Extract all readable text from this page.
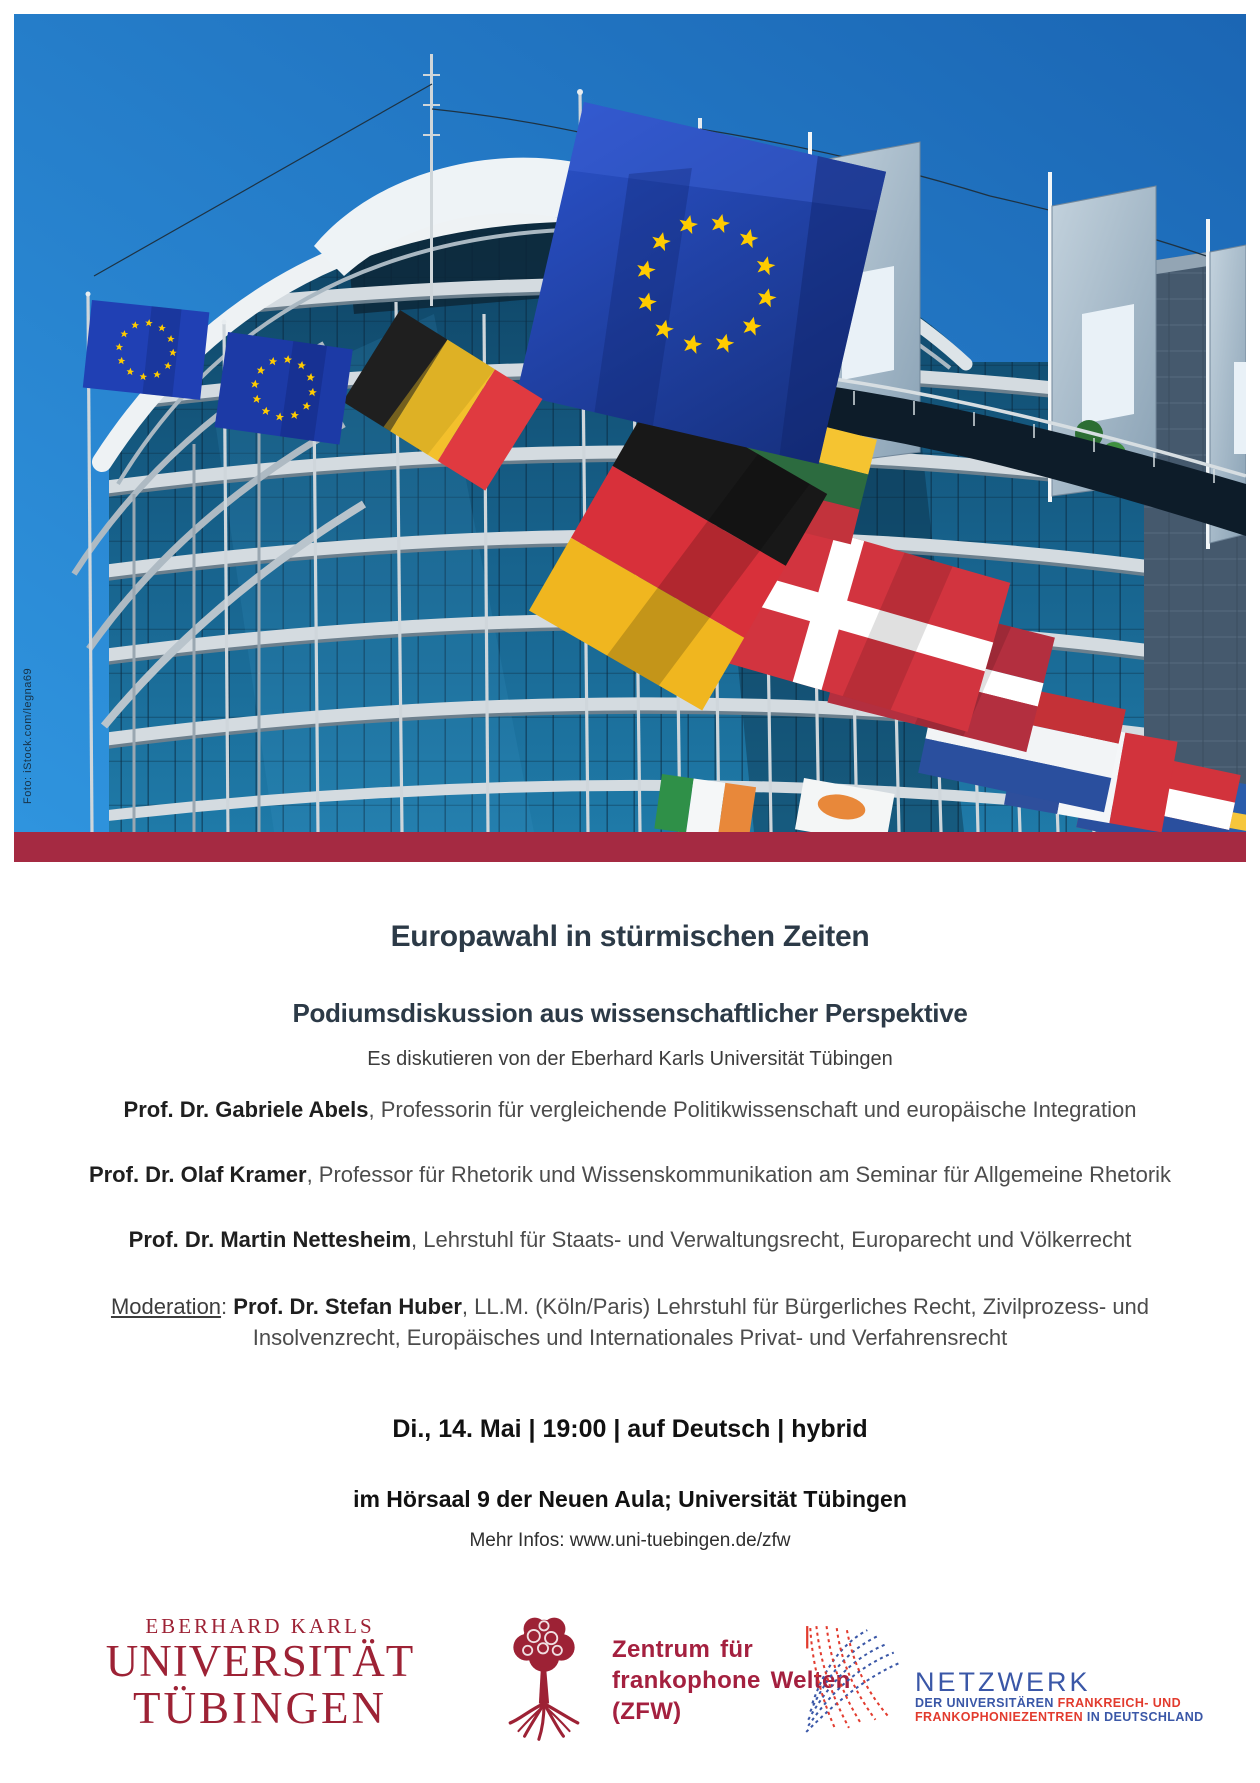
Foto: iStock.com/legna69
Europawahl in stürmischen Zeiten
Podiumsdiskussion aus wissenschaftlicher Perspektive

Es diskutieren von der Eberhard Karls Universität Tübingen

Prof. Dr. Gabriele Abels, Professorin für vergleichende Politikwissenschaft und europäische Integration

Prof. Dr. Olaf Kramer, Professor für Rhetorik und Wissenskommunikation am Seminar für Allgemeine Rhetorik

Prof. Dr. Martin Nettesheim, Lehrstuhl für Staats- und Verwaltungsrecht, Europarecht und Völkerrecht

Moderation: Prof. Dr. Stefan Huber, LL.M. (Köln/Paris) Lehrstuhl für Bürgerliches Recht, Zivilprozess- und Insolvenzrecht, Europäisches und Internationales Privat- und Verfahrensrecht

Di., 14. Mai | 19:00 | auf Deutsch | hybrid

im Hörsaal 9 der Neuen Aula; Universität Tübingen

Mehr Infos: www.uni-tuebingen.de/zfw

EBERHARD KARLS
UNIVERSITÄT
TÜBINGEN
Zentrum für
frankophone Welten
(ZFW)
NETZWERK
DER UNIVERSITÄREN FRANKREICH- UND
FRANKOPHONIEZENTREN IN DEUTSCHLAND
